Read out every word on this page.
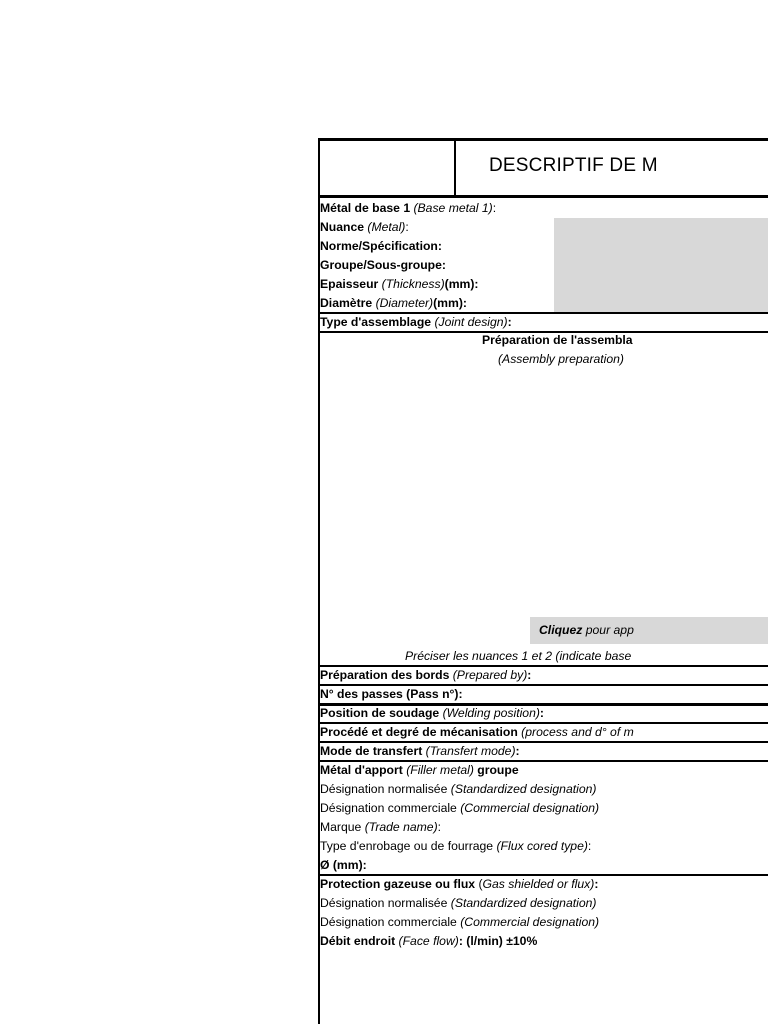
DESCRIPTIF DE M
Métal de base 1 (Base metal 1):
Nuance (Metal):
Norme/Spécification:
Groupe/Sous-groupe:
Epaisseur (Thickness)(mm):
Diamètre (Diameter)(mm):
Type d'assemblage (Joint design):
Préparation de l'assembla
(Assembly preparation)
Cliquez pour app
Préciser les nuances 1 et 2 (indicate base
Préparation des bords (Prepared by):
N° des passes (Pass n°):
Position de soudage (Welding position):
Procédé et degré de mécanisation (process and d° of m
Mode de transfert (Transfert mode):
Métal d'apport (Filler metal) groupe
Désignation normalisée (Standardized designation)
Désignation commerciale (Commercial designation)
Marque (Trade name):
Type d'enrobage ou de fourrage (Flux cored type):
Ø (mm):
Protection gazeuse ou flux (Gas shielded or flux):
Désignation normalisée (Standardized designation)
Désignation commerciale (Commercial designation)
Débit endroit (Face flow): (l/min) ±10%
